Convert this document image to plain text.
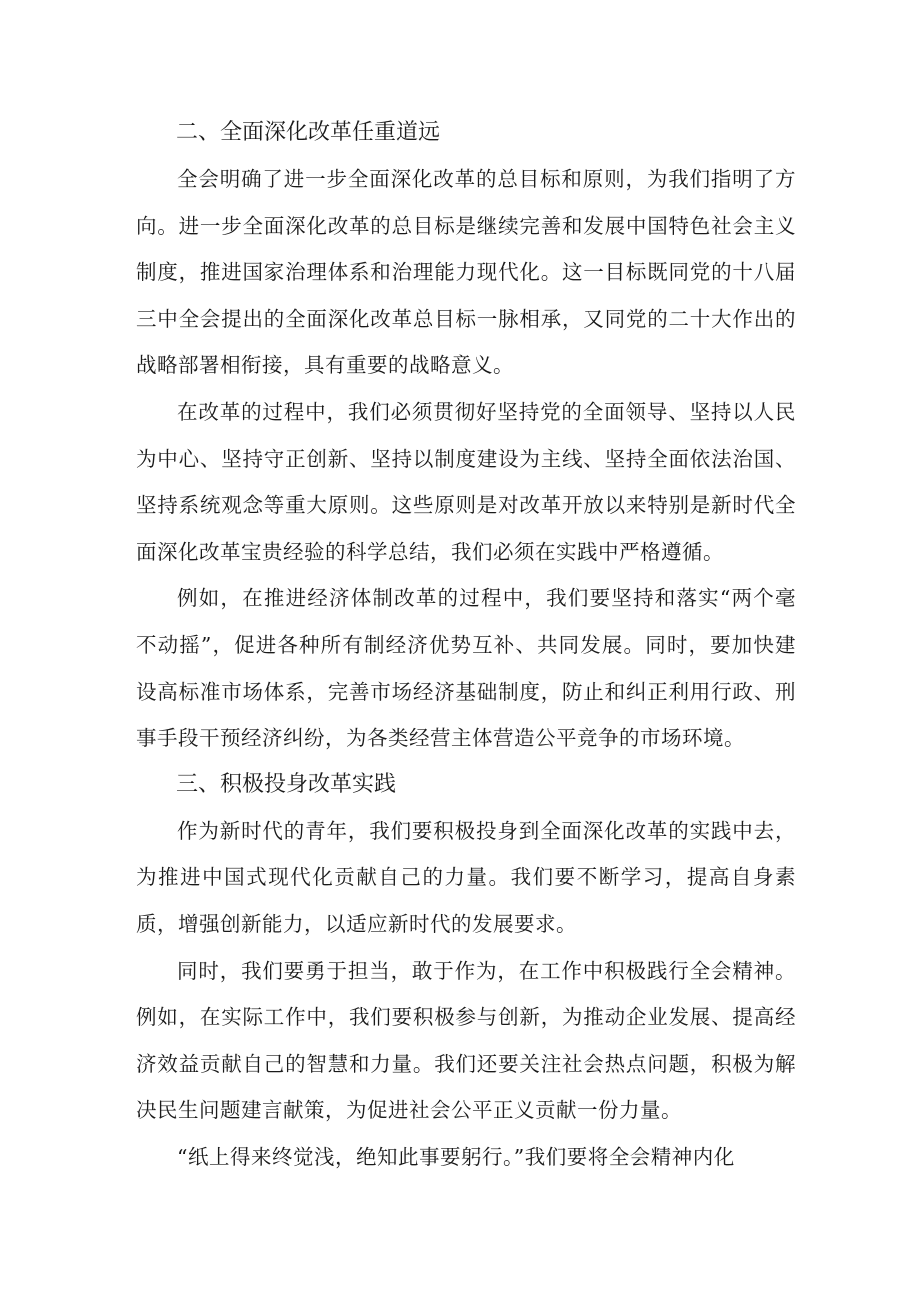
二、全面深化改革任重道远

全会明确了进一步全面深化改革的总目标和原则，为我们指明了方向。进一步全面深化改革的总目标是继续完善和发展中国特色社会主义制度，推进国家治理体系和治理能力现代化。这一目标既同党的十八届三中全会提出的全面深化改革总目标一脉相承，又同党的二十大作出的战略部署相衔接，具有重要的战略意义。

在改革的过程中，我们必须贯彻好坚持党的全面领导、坚持以人民为中心、坚持守正创新、坚持以制度建设为主线、坚持全面依法治国、坚持系统观念等重大原则。这些原则是对改革开放以来特别是新时代全面深化改革宝贵经验的科学总结，我们必须在实践中严格遵循。

例如，在推进经济体制改革的过程中，我们要坚持和落实“两个毫不动摇”，促进各种所有制经济优势互补、共同发展。同时，要加快建设高标准市场体系，完善市场经济基础制度，防止和纠正利用行政、刑事手段干预经济纠纷，为各类经营主体营造公平竞争的市场环境。

三、积极投身改革实践

作为新时代的青年，我们要积极投身到全面深化改革的实践中去，为推进中国式现代化贡献自己的力量。我们要不断学习，提高自身素质，增强创新能力，以适应新时代的发展要求。

同时，我们要勇于担当，敢于作为，在工作中积极践行全会精神。例如，在实际工作中，我们要积极参与创新，为推动企业发展、提高经济效益贡献自己的智慧和力量。我们还要关注社会热点问题，积极为解决民生问题建言献策，为促进社会公平正义贡献一份力量。

“纸上得来终觉浅，绝知此事要躬行。”我们要将全会精神内化
